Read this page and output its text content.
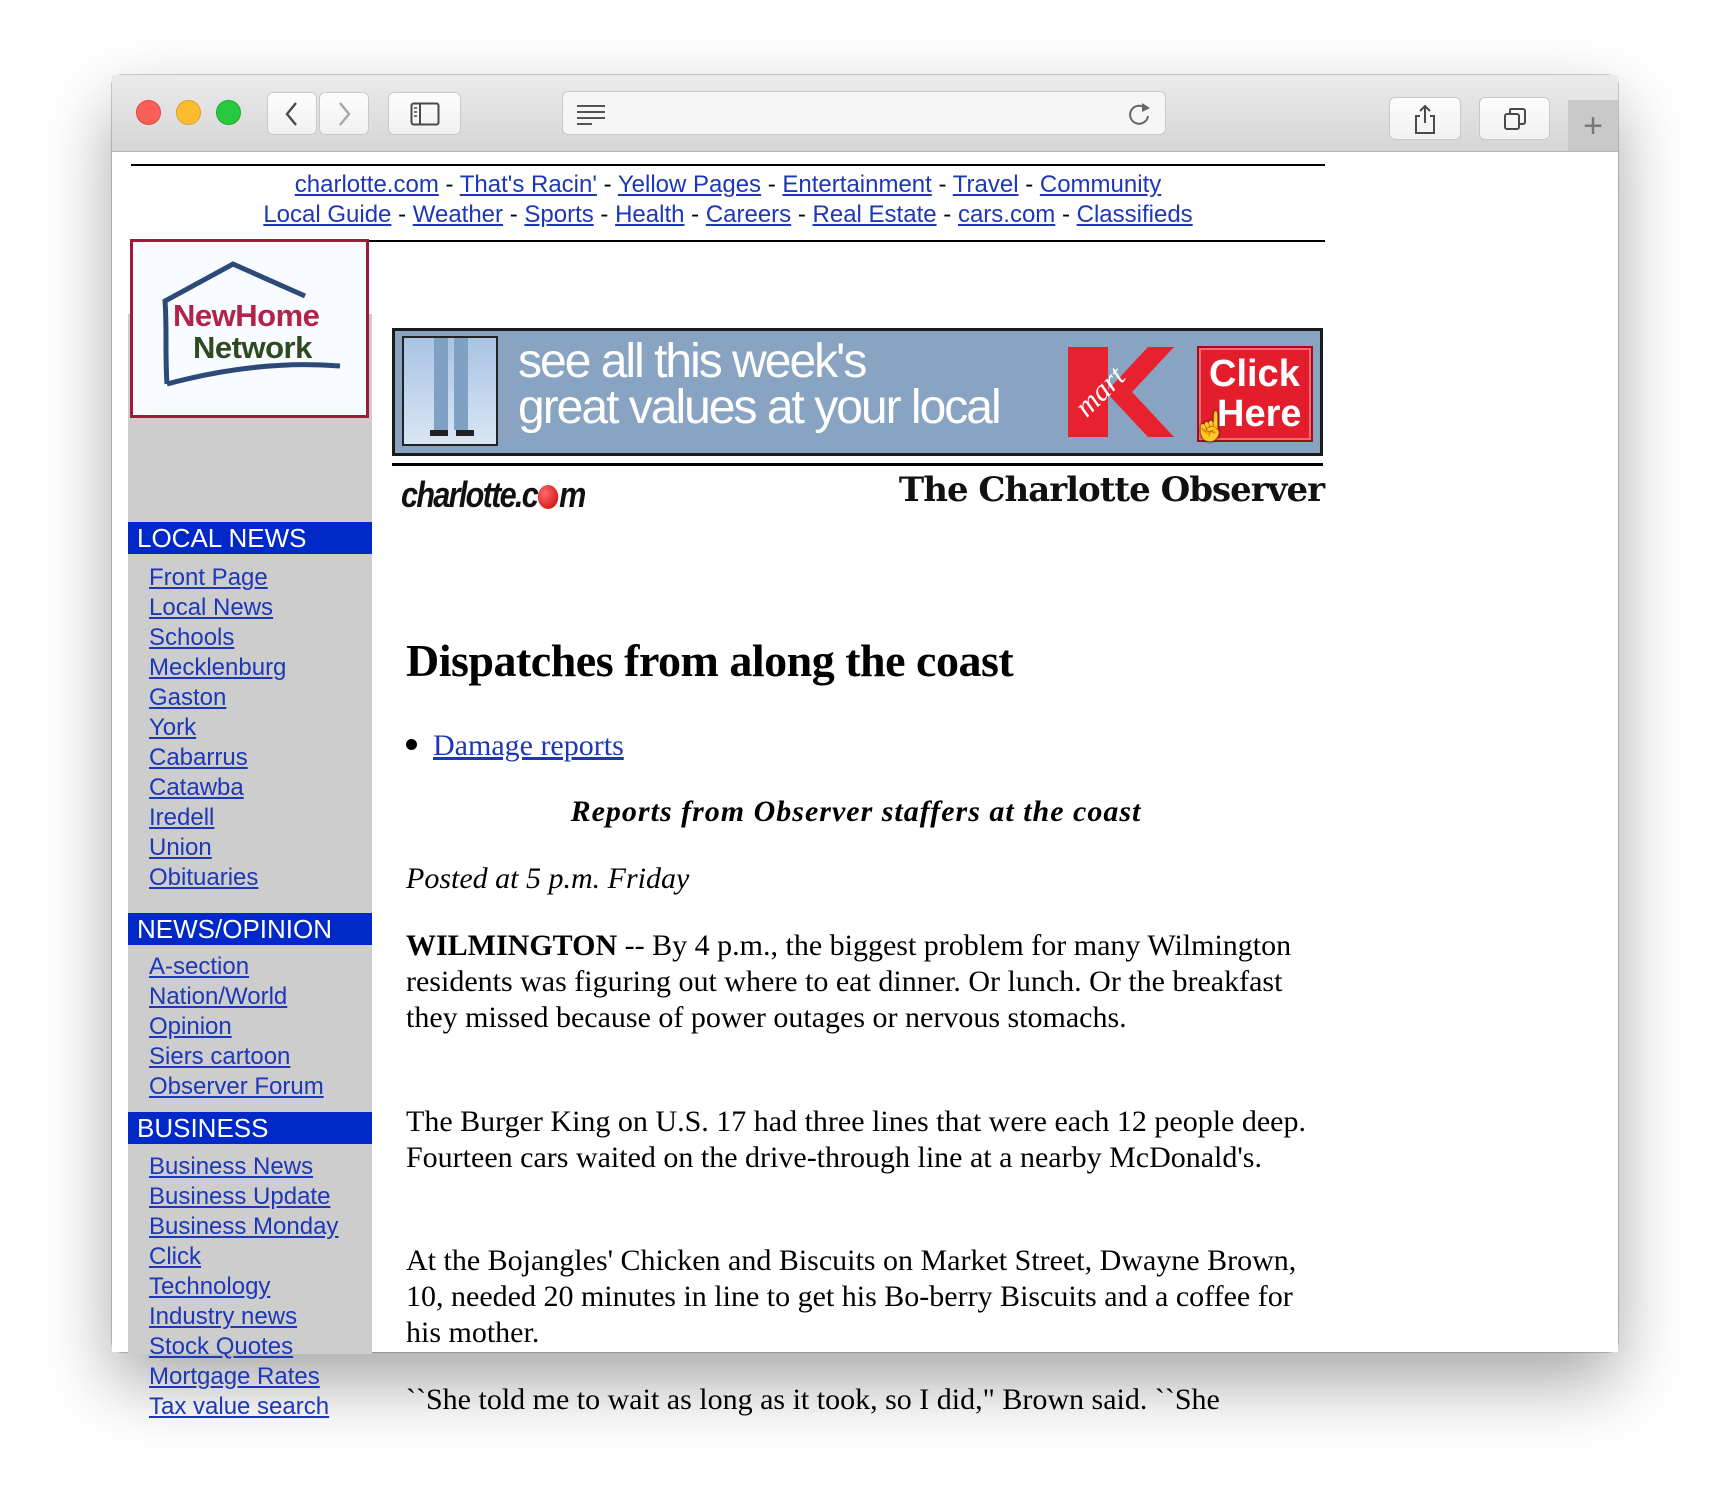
+
charlotte.com - That's Racin' - Yellow Pages - Entertainment - Travel - Community
Local Guide - Weather - Sports - Health - Careers - Real Estate - cars.com - Classifieds
NewHome
Network
LOCAL NEWS
Front Page
Local News
Schools
Mecklenburg
Gaston
York
Cabarrus
Catawba
Iredell
Union
Obituaries
NEWS/OPINION
A-section
Nation/World
Opinion
Siers cartoon
Observer Forum
BUSINESS
Business News
Business Update
Business Monday
Click
Technology
Industry news
Stock Quotes
Mortgage Rates
Tax value search
see all this week's
great values at your local mart Click
Here
☝
charlotte.c m	The Charlotte Observer
Dispatches from along the coast
Damage reports
Reports from Observer staffers at the coast
Posted at 5 p.m. Friday

WILMINGTON -- By 4 p.m., the biggest problem for many Wilmington residents was figuring out where to eat dinner. Or lunch. Or the breakfast they missed because of power outages or nervous stomachs.

The Burger King on U.S. 17 had three lines that were each 12 people deep. Fourteen cars waited on the drive-through line at a nearby McDonald's.

At the Bojangles' Chicken and Biscuits on Market Street, Dwayne Brown, 10, needed 20 minutes in line to get his Bo-berry Biscuits and a coffee for his mother.

``She told me to wait as long as it took, so I did," Brown said. ``She
